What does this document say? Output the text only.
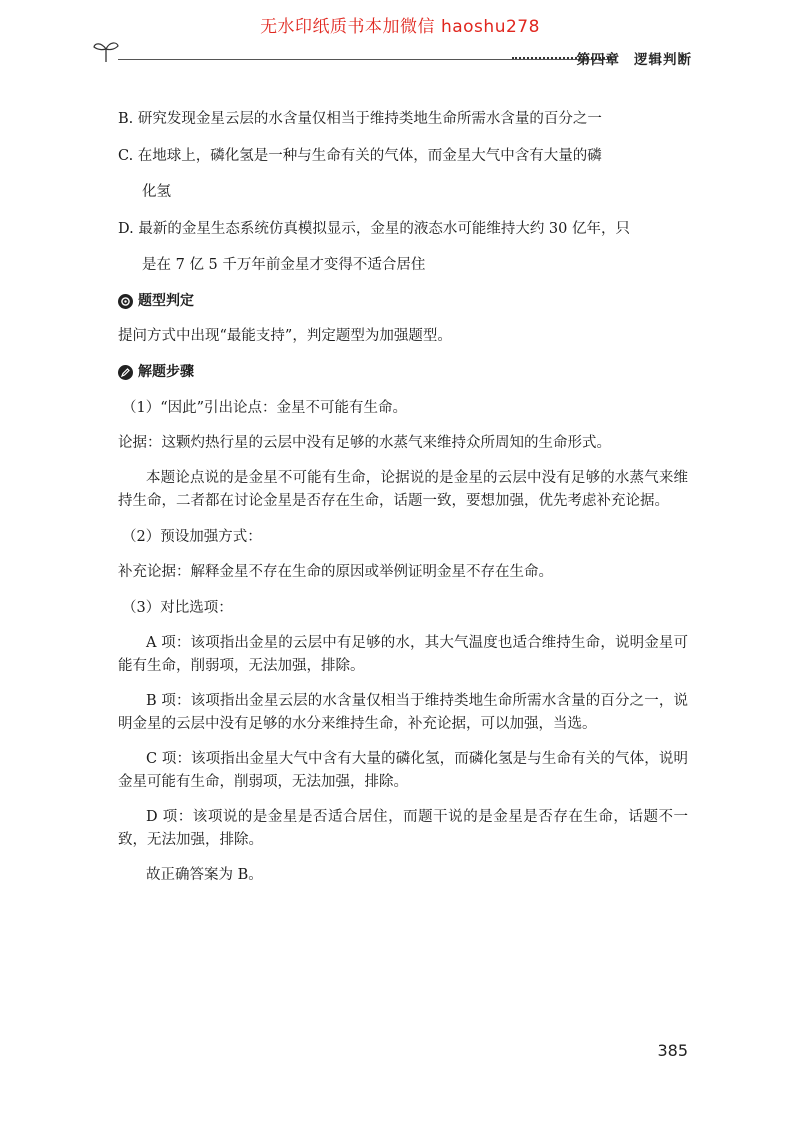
无水印纸质书本加微信 haoshu278
第四章 逻辑判断

B. 研究发现金星云层的水含量仅相当于维持类地生命所需水含量的百分之一

C. 在地球上，磷化氢是一种与生命有关的气体，而金星大气中含有大量的磷

化氢

D. 最新的金星生态系统仿真模拟显示，金星的液态水可能维持大约 30 亿年，只

是在 7 亿 5 千万年前金星才变得不适合居住

题型判定

提问方式中出现“最能支持”，判定题型为加强题型。

解题步骤

（1）“因此”引出论点：金星不可能有生命。

论据：这颗灼热行星的云层中没有足够的水蒸气来维持众所周知的生命形式。

本题论点说的是金星不可能有生命，论据说的是金星的云层中没有足够的水蒸气来维持生命，二者都在讨论金星是否存在生命，话题一致，要想加强，优先考虑补充论据。

（2）预设加强方式：

补充论据：解释金星不存在生命的原因或举例证明金星不存在生命。

（3）对比选项：

A 项：该项指出金星的云层中有足够的水，其大气温度也适合维持生命，说明金星可能有生命，削弱项，无法加强，排除。

B 项：该项指出金星云层的水含量仅相当于维持类地生命所需水含量的百分之一，说明金星的云层中没有足够的水分来维持生命，补充论据，可以加强，当选。

C 项：该项指出金星大气中含有大量的磷化氢，而磷化氢是与生命有关的气体，说明金星可能有生命，削弱项，无法加强，排除。

D 项：该项说的是金星是否适合居住，而题干说的是金星是否存在生命，话题不一致，无法加强，排除。

故正确答案为 B。

385
